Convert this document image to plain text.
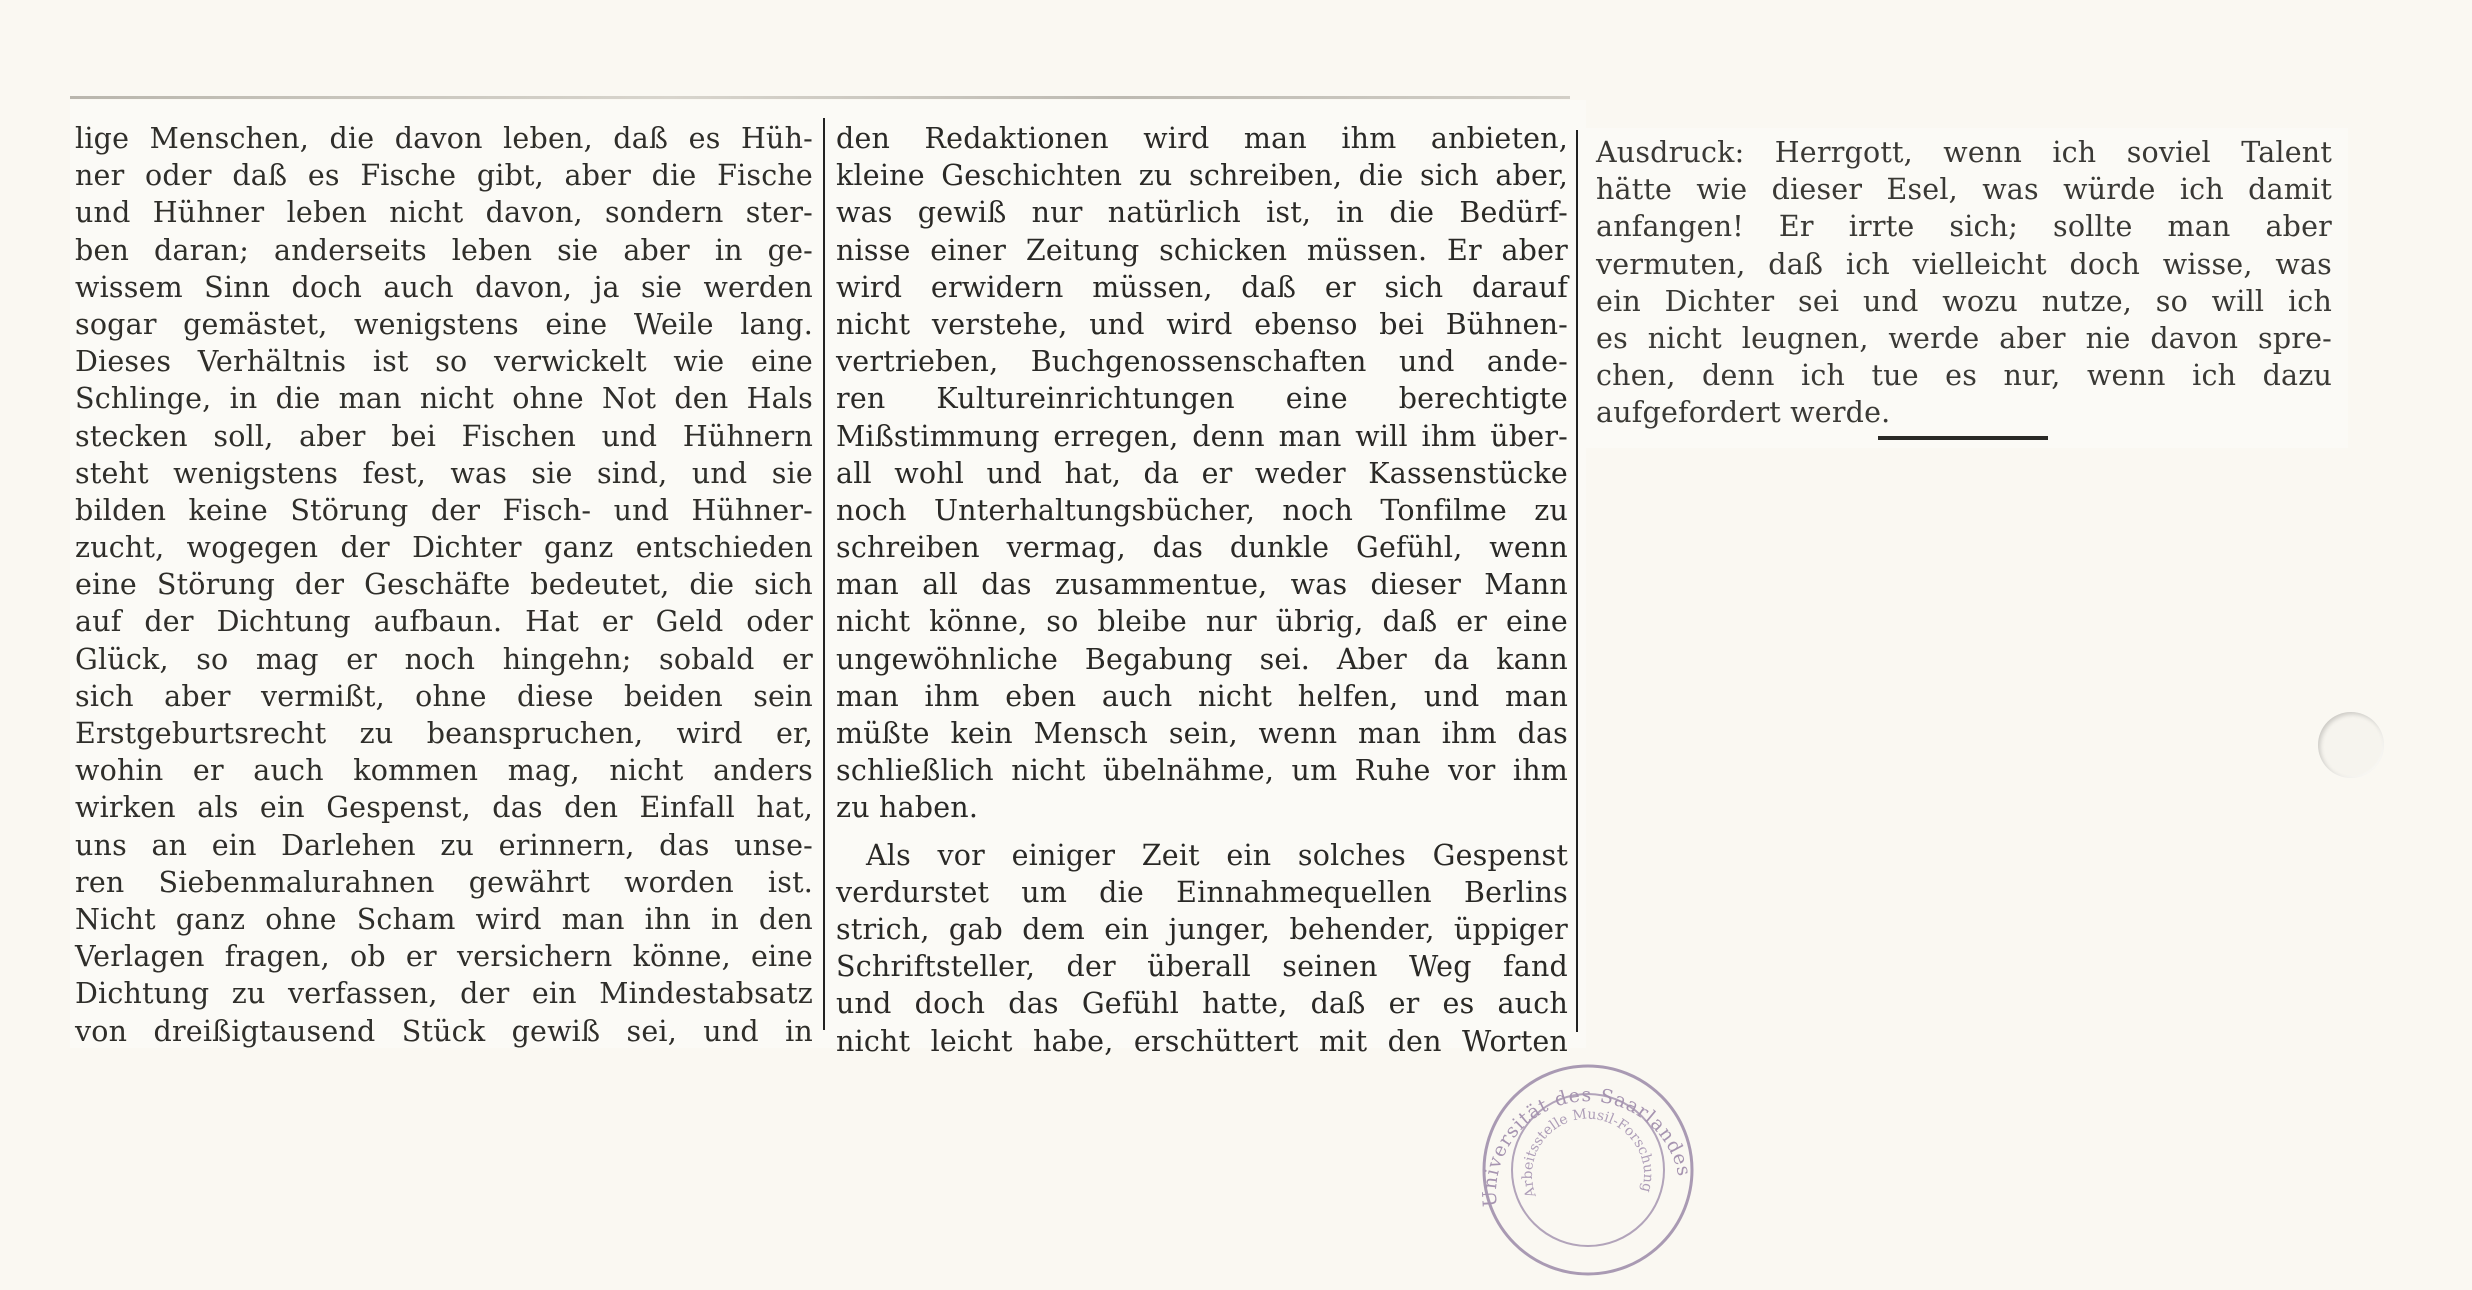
lige Menschen, die davon leben, daß es Hüh-
ner oder daß es Fische gibt, aber die Fische
und Hühner leben nicht davon, sondern ster-
ben daran; anderseits leben sie aber in ge-
wissem Sinn doch auch davon, ja sie werden
sogar gemästet, wenigstens eine Weile lang.
Dieses Verhältnis ist so verwickelt wie eine
Schlinge, in die man nicht ohne Not den Hals
stecken soll, aber bei Fischen und Hühnern
steht wenigstens fest, was sie sind, und sie
bilden keine Störung der Fisch- und Hühner-
zucht, wogegen der Dichter ganz entschieden
eine Störung der Geschäfte bedeutet, die sich
auf der Dichtung aufbaun. Hat er Geld oder
Glück, so mag er noch hingehn; sobald er
sich aber vermißt, ohne diese beiden sein
Erstgeburtsrecht zu beanspruchen, wird er,
wohin er auch kommen mag, nicht anders
wirken als ein Gespenst, das den Einfall hat,
uns an ein Darlehen zu erinnern, das unse-
ren Siebenmalurahnen gewährt worden ist.
Nicht ganz ohne Scham wird man ihn in den
Verlagen fragen, ob er versichern könne, eine
Dichtung zu verfassen, der ein Mindestabsatz
von dreißigtausend Stück gewiß sei, und in
den Redaktionen wird man ihm anbieten,
kleine Geschichten zu schreiben, die sich aber,
was gewiß nur natürlich ist, in die Bedürf-
nisse einer Zeitung schicken müssen. Er aber
wird erwidern müssen, daß er sich darauf
nicht verstehe, und wird ebenso bei Bühnen-
vertrieben, Buchgenossenschaften und ande-
ren Kultureinrichtungen eine berechtigte
Mißstimmung erregen, denn man will ihm über-
all wohl und hat, da er weder Kassenstücke
noch Unterhaltungsbücher, noch Tonfilme zu
schreiben vermag, das dunkle Gefühl, wenn
man all das zusammentue, was dieser Mann
nicht könne, so bleibe nur übrig, daß er eine
ungewöhnliche Begabung sei. Aber da kann
man ihm eben auch nicht helfen, und man
müßte kein Mensch sein, wenn man ihm das
schließlich nicht übelnähme, um Ruhe vor ihm
zu haben.
Als vor einiger Zeit ein solches Gespenst
verdurstet um die Einnahmequellen Berlins
strich, gab dem ein junger, behender, üppiger
Schriftsteller, der überall seinen Weg fand
und doch das Gefühl hatte, daß er es auch
nicht leicht habe, erschüttert mit den Worten
Ausdruck: Herrgott, wenn ich soviel Talent
hätte wie dieser Esel, was würde ich damit
anfangen! Er irrte sich; sollte man aber
vermuten, daß ich vielleicht doch wisse, was
ein Dichter sei und wozu nutze, so will ich
es nicht leugnen, werde aber nie davon spre-
chen, denn ich tue es nur, wenn ich dazu
aufgefordert werde.
Universität des Saarlandes
Arbeitsstelle Musil-Forschung
